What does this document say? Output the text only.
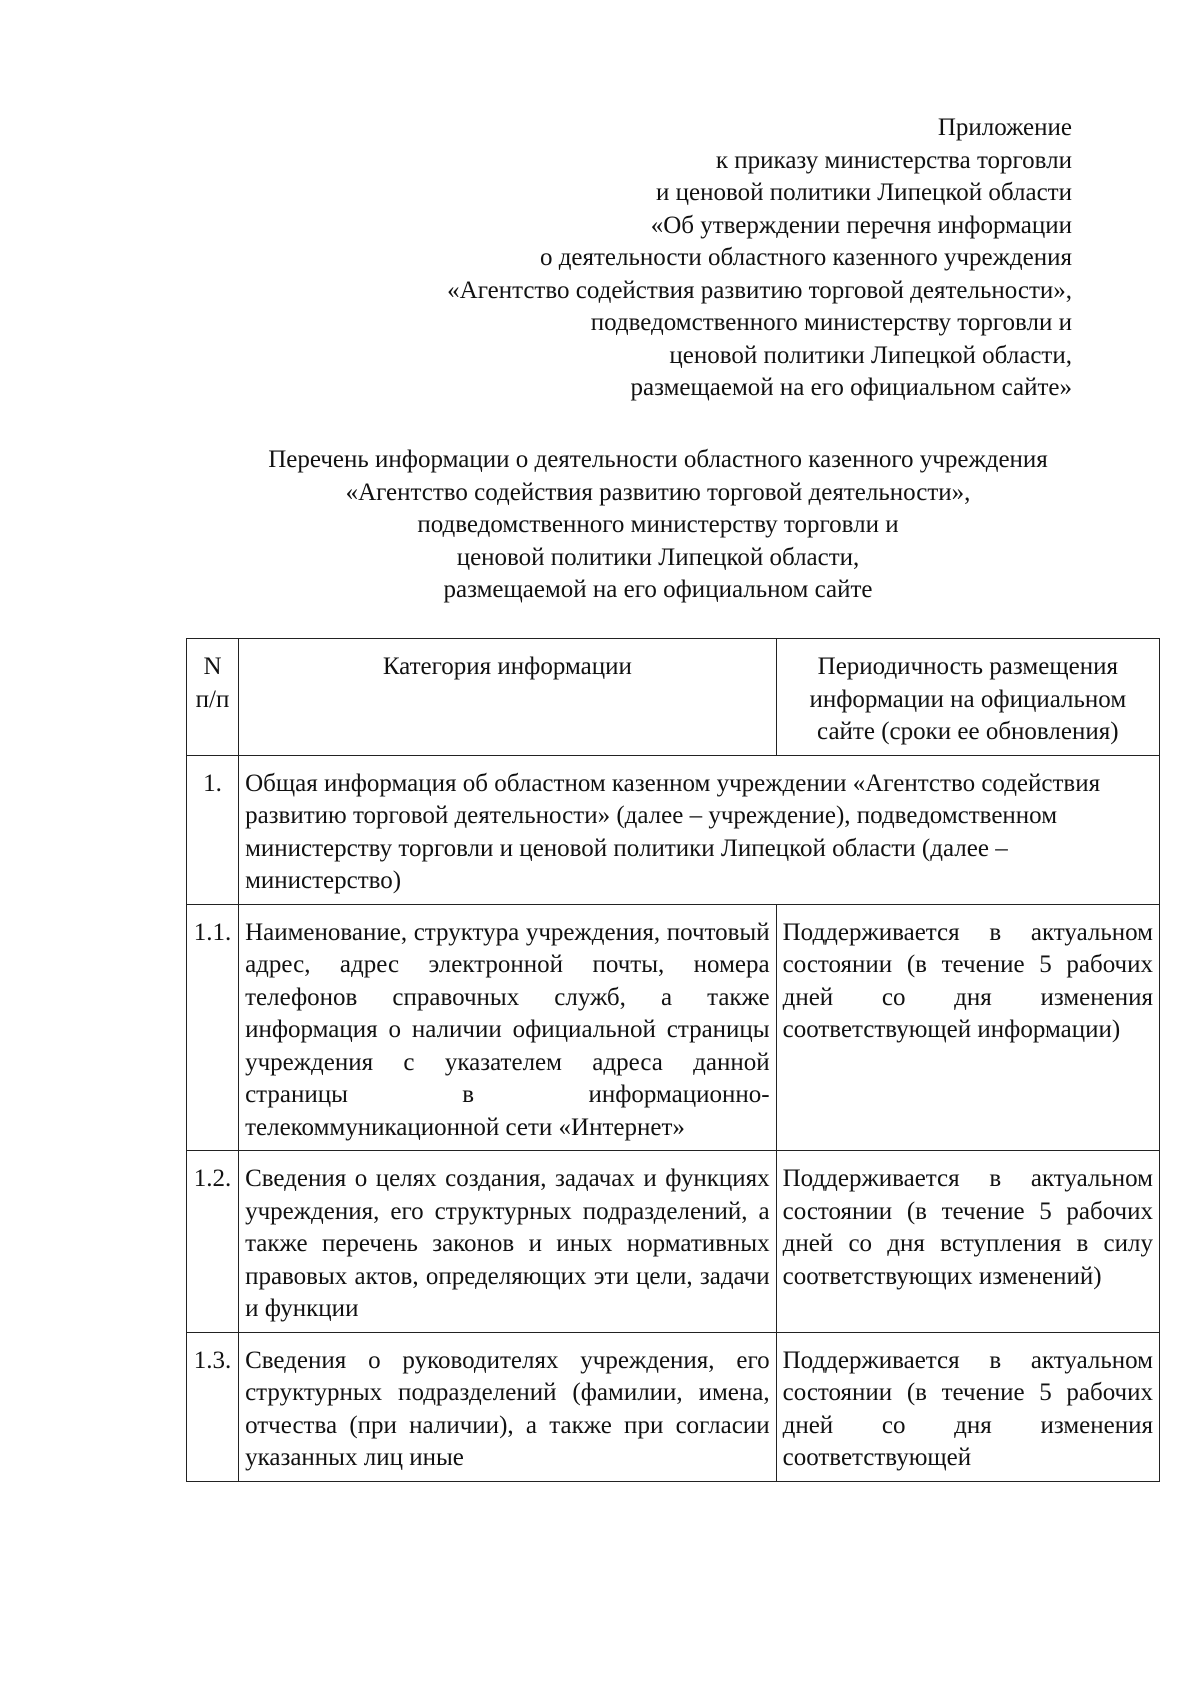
Приложение
к приказу министерства торговли
и ценовой политики Липецкой области
«Об утверждении перечня информации
о деятельности областного казенного учреждения
«Агентство содействия развитию торговой деятельности»,
подведомственного министерству торговли и
ценовой политики Липецкой области,
размещаемой на его официальном сайте»
Перечень информации о деятельности областного казенного учреждения
«Агентство содействия развитию торговой деятельности»,
подведомственного министерству торговли и
ценовой политики Липецкой области,
размещаемой на его официальном сайте
N п/п	Категория информации	Периодичность размещения информации на официальном сайте (сроки ее обновления)
1.	Общая информация об областном казенном учреждении «Агентство содействия развитию торговой деятельности» (далее – учреждение), подведомственном министерству торговли и ценовой политики Липецкой области (далее – министерство)	
1.1.	Наименование, структура учреждения, почтовый адрес, адрес электронной почты, номера телефонов справочных служб, а также информация о наличии официальной страницы учреждения с указателем адреса данной страницы в информационно-телекоммуникационной сети «Интернет»	Поддерживается в актуальном состоянии (в течение 5 рабочих дней со дня изменения соответствующей информации)
1.2.	Сведения о целях создания, задачах и функциях учреждения, его структурных подразделений, а также перечень законов и иных нормативных правовых актов, определяющих эти цели, задачи и функции	Поддерживается в актуальном состоянии (в течение 5 рабочих дней со дня вступления в силу соответствующих изменений)
1.3.	Сведения о руководителях учреждения, его структурных подразделений (фамилии, имена, отчества (при наличии), а также при согласии указанных лиц иные	Поддерживается в актуальном состоянии (в течение 5 рабочих дней со дня изменения соответствующей
